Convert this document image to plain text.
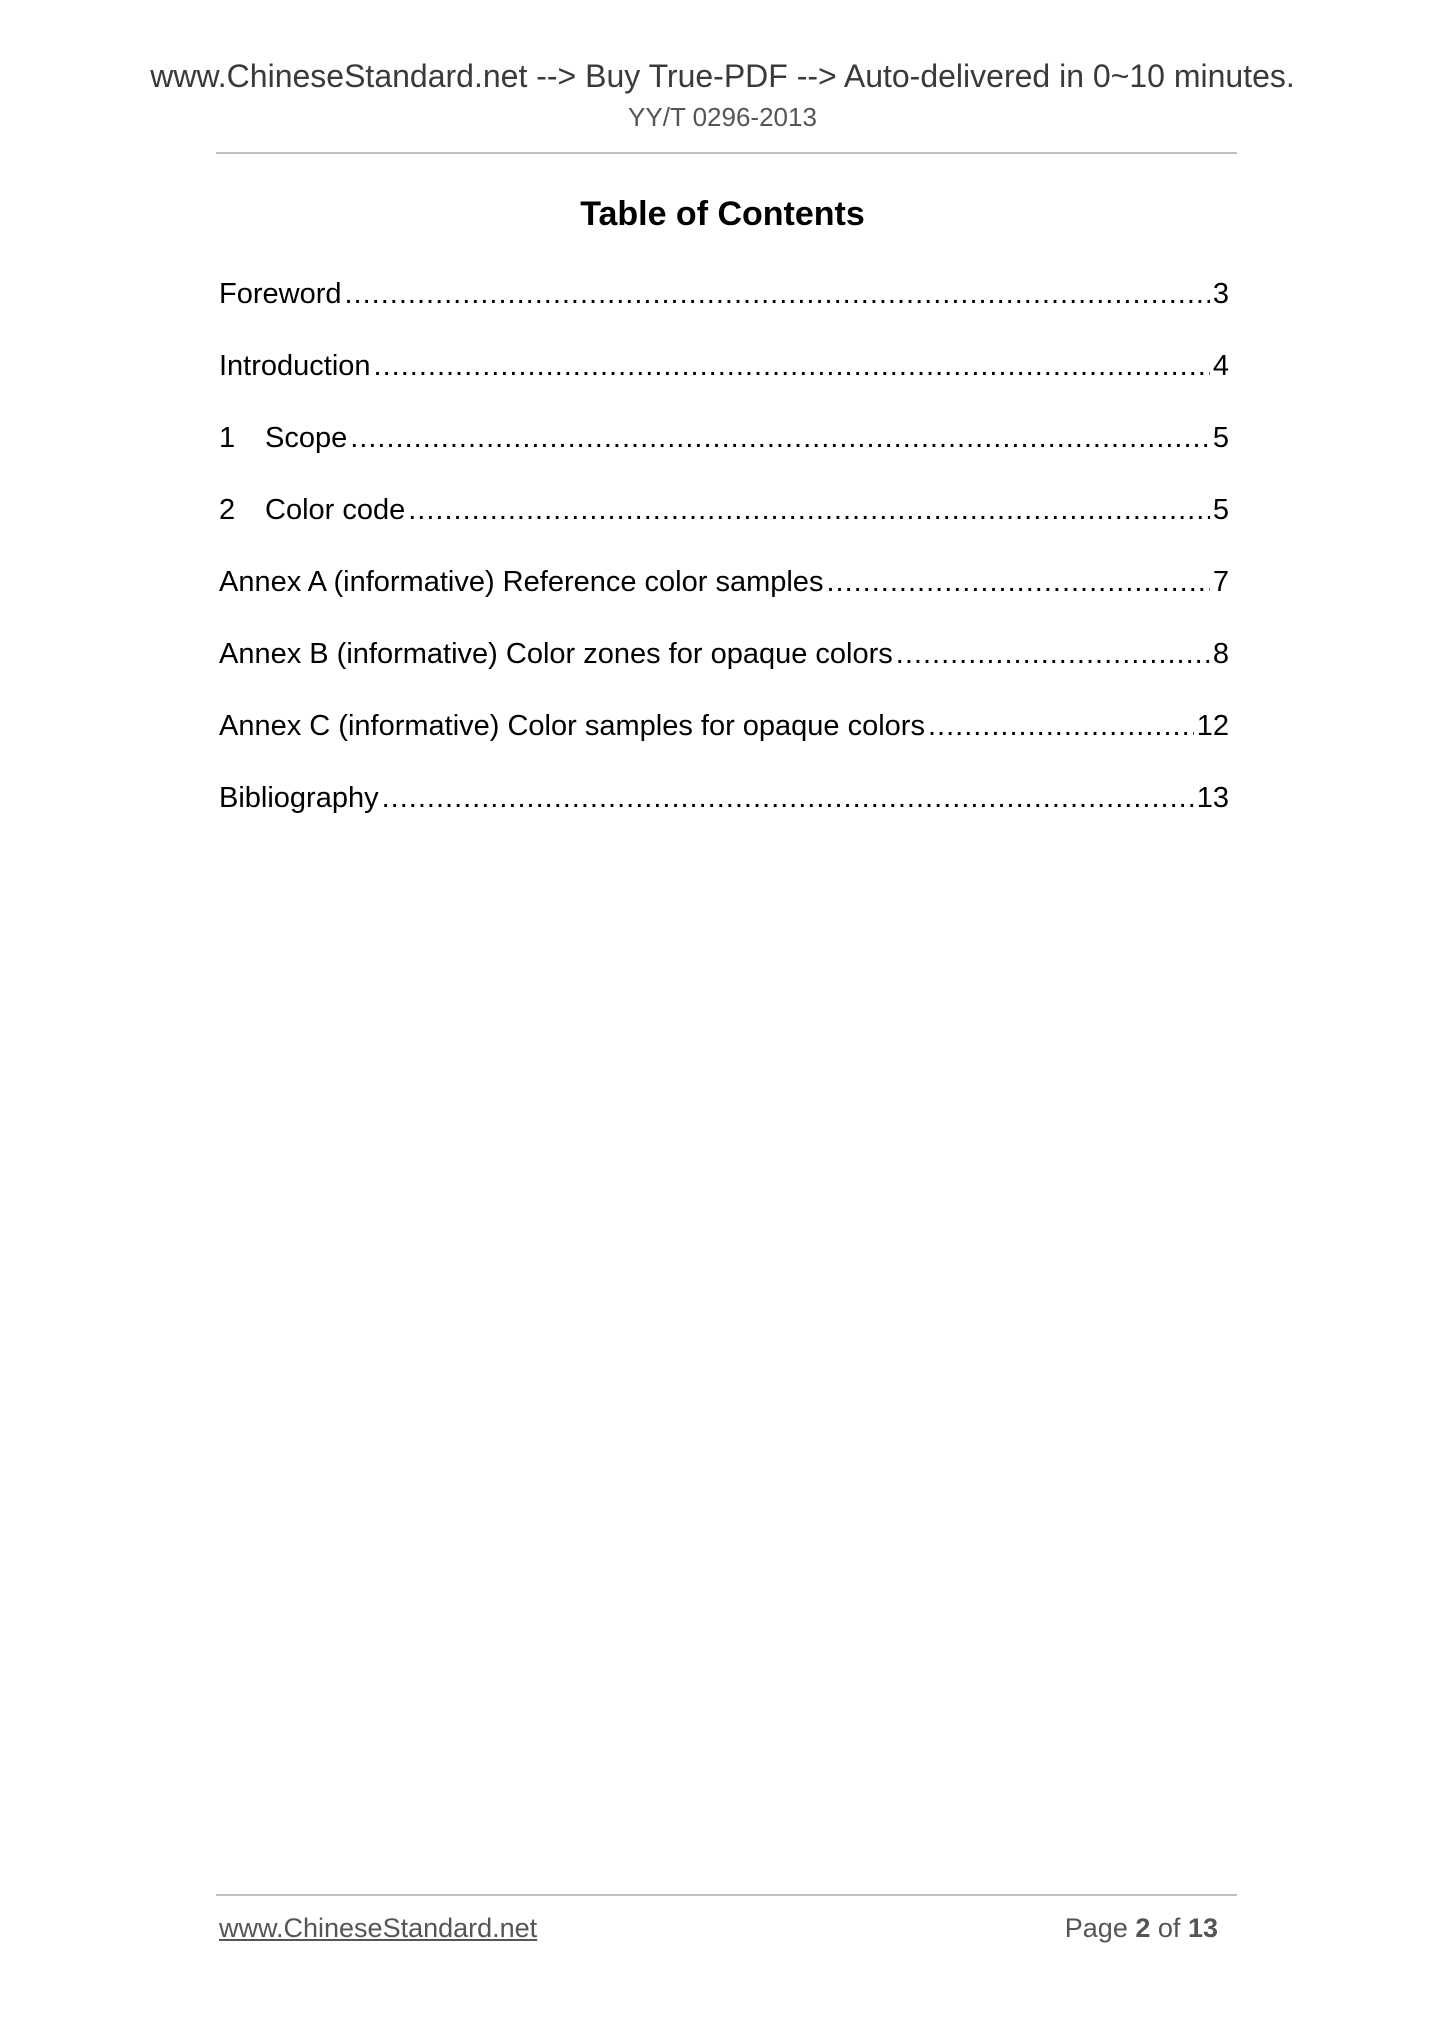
www.ChineseStandard.net --> Buy True-PDF --> Auto-delivered in 0~10 minutes.
YY/T 0296-2013
Table of Contents
Foreword .....	3
Introduction .....	4
1	Scope .....	5
2	Color code .....	5
Annex A (informative) Reference color samples .....	7
Annex B (informative) Color zones for opaque colors .....	8
Annex C (informative) Color samples for opaque colors .....	12
Bibliography .....	13
www.ChineseStandard.net	Page 2 of 13
